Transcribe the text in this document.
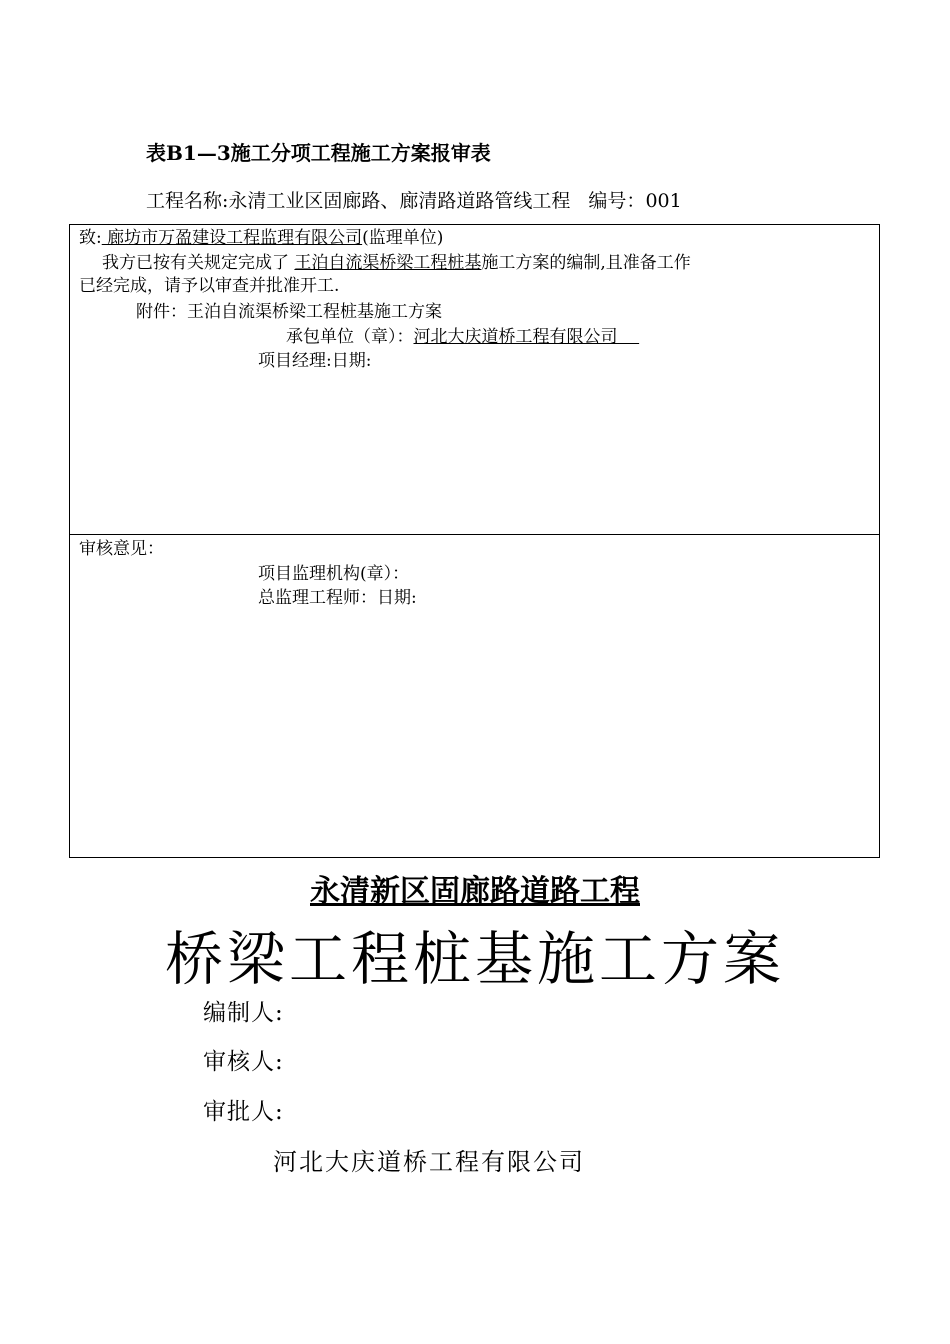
表B1—3施工分项工程施工方案报审表
工程名称:永清工业区固廊路、廊清路道路管线工程 编号：001
致: 廊坊市万盈建设工程监理有限公司(监理单位)
我方已按有关规定完成了 王泊自流渠桥梁工程桩基施工方案的编制,且准备工作
已经完成，请予以审查并批准开工.
附件：王泊自流渠桥梁工程桩基施工方案
承包单位（章）：河北大庆道桥工程有限公司
项目经理:日期:
审核意见：
项目监理机构(章）：
总监理工程师：日期:
永清新区固廊路道路工程
桥梁工程桩基施工方案
编制人:
审核人:
审批人:
河北大庆道桥工程有限公司
